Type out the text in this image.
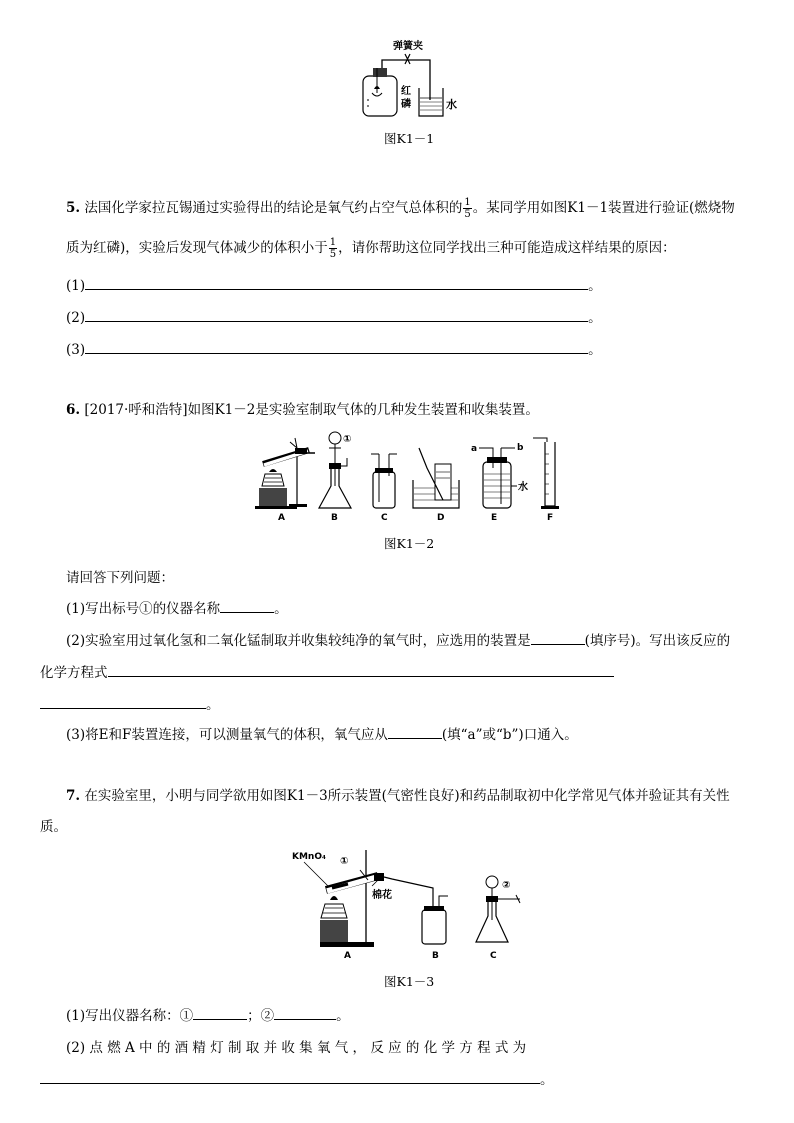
弹簧夹
红
磷	水
图K1－1
5. 法国化学家拉瓦锡通过实验得出的结论是氧气约占空气总体积的 $\frac{1}{5}$ 。某同学用如图K1－1装置进行验证(燃烧物
质为红磷)，实验后发现气体减少的体积小于 $\frac{1}{5}$ ，请你帮助这位同学找出三种可能造成这样结果的原因：
(1)	。
(2)	。
(3)	。
6. [2017·呼和浩特]如图K1－2是实验室制取气体的几种发生装置和收集装置。
①
a	b
水
A	B	C	D	E	F
图K1－2
请回答下列问题：
(1)写出标号①的仪器名称	。
(2)实验室用过氧化氢和二氧化锰制取并收集较纯净的氧气时，应选用的装置是	(填序号)。写出该反应的
化学方程式
。
(3)将E和F装置连接，可以测量氧气的体积，氧气应从	(填“a”或“b”)口通入。
7. 在实验室里，小明与同学欲用如图K1－3所示装置(气密性良好)和药品制取初中化学常见气体并验证其有关性
质。
KMnO₄ ①
棉花
②
A	B	C
图K1－3
(1)写出仪器名称：①	；②	。
(2) 点 燃 A 中 的 酒 精 灯 制 取 并 收 集 氧 气 ， 反 应 的 化 学 方 程 式 为
。
